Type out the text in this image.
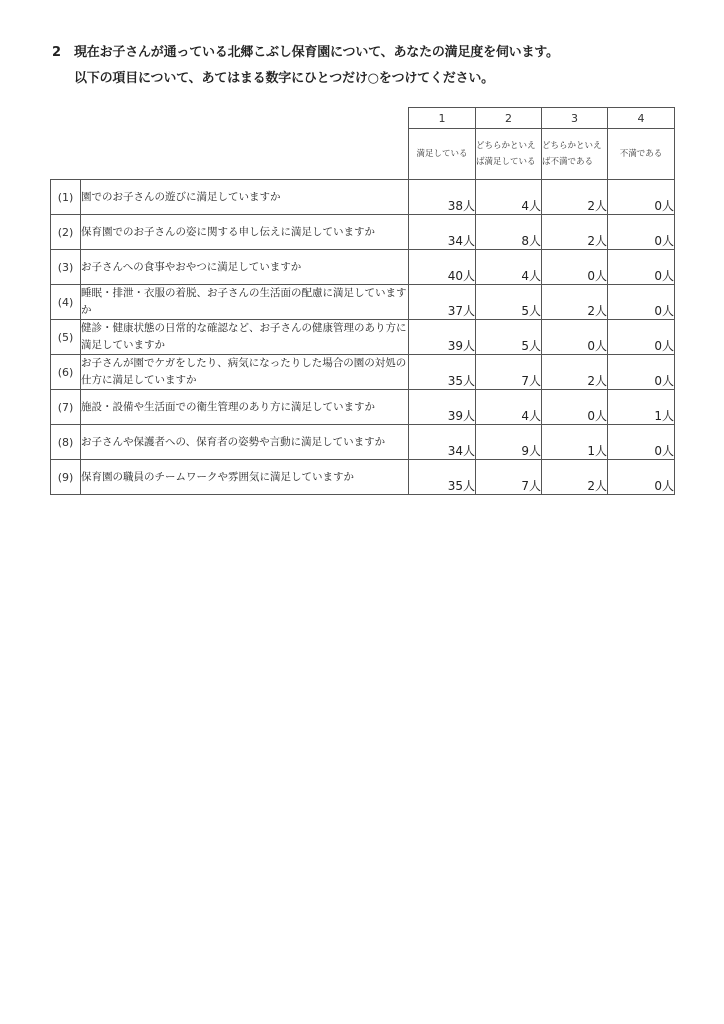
2 現在お子さんが通っている北郷こぶし保育園について、あなたの満足度を伺います。
以下の項目について、あてはまる数字にひとつだけ○をつけてください。
		1	2	3	4
		満足している	どちらかといえば満足している	どちらかといえば不満である	不満である
(1)	園でのお子さんの遊びに満足していますか	38人	4人	2人	0人
(2)	保育園でのお子さんの姿に関する申し伝えに満足していますか	34人	8人	2人	0人
(3)	お子さんへの食事やおやつに満足していますか	40人	4人	0人	0人
(4)	睡眠・排泄・衣服の着脱、お子さんの生活面の配慮に満足していますか	37人	5人	2人	0人
(5)	健診・健康状態の日常的な確認など、お子さんの健康管理のあり方に満足していますか	39人	5人	0人	0人
(6)	お子さんが園でケガをしたり、病気になったりした場合の園の対処の仕方に満足していますか	35人	7人	2人	0人
(7)	施設・設備や生活面での衛生管理のあり方に満足していますか	39人	4人	0人	1人
(8)	お子さんや保護者への、保育者の姿勢や言動に満足していますか	34人	9人	1人	0人
(9)	保育園の職員のチームワークや雰囲気に満足していますか	35人	7人	2人	0人
